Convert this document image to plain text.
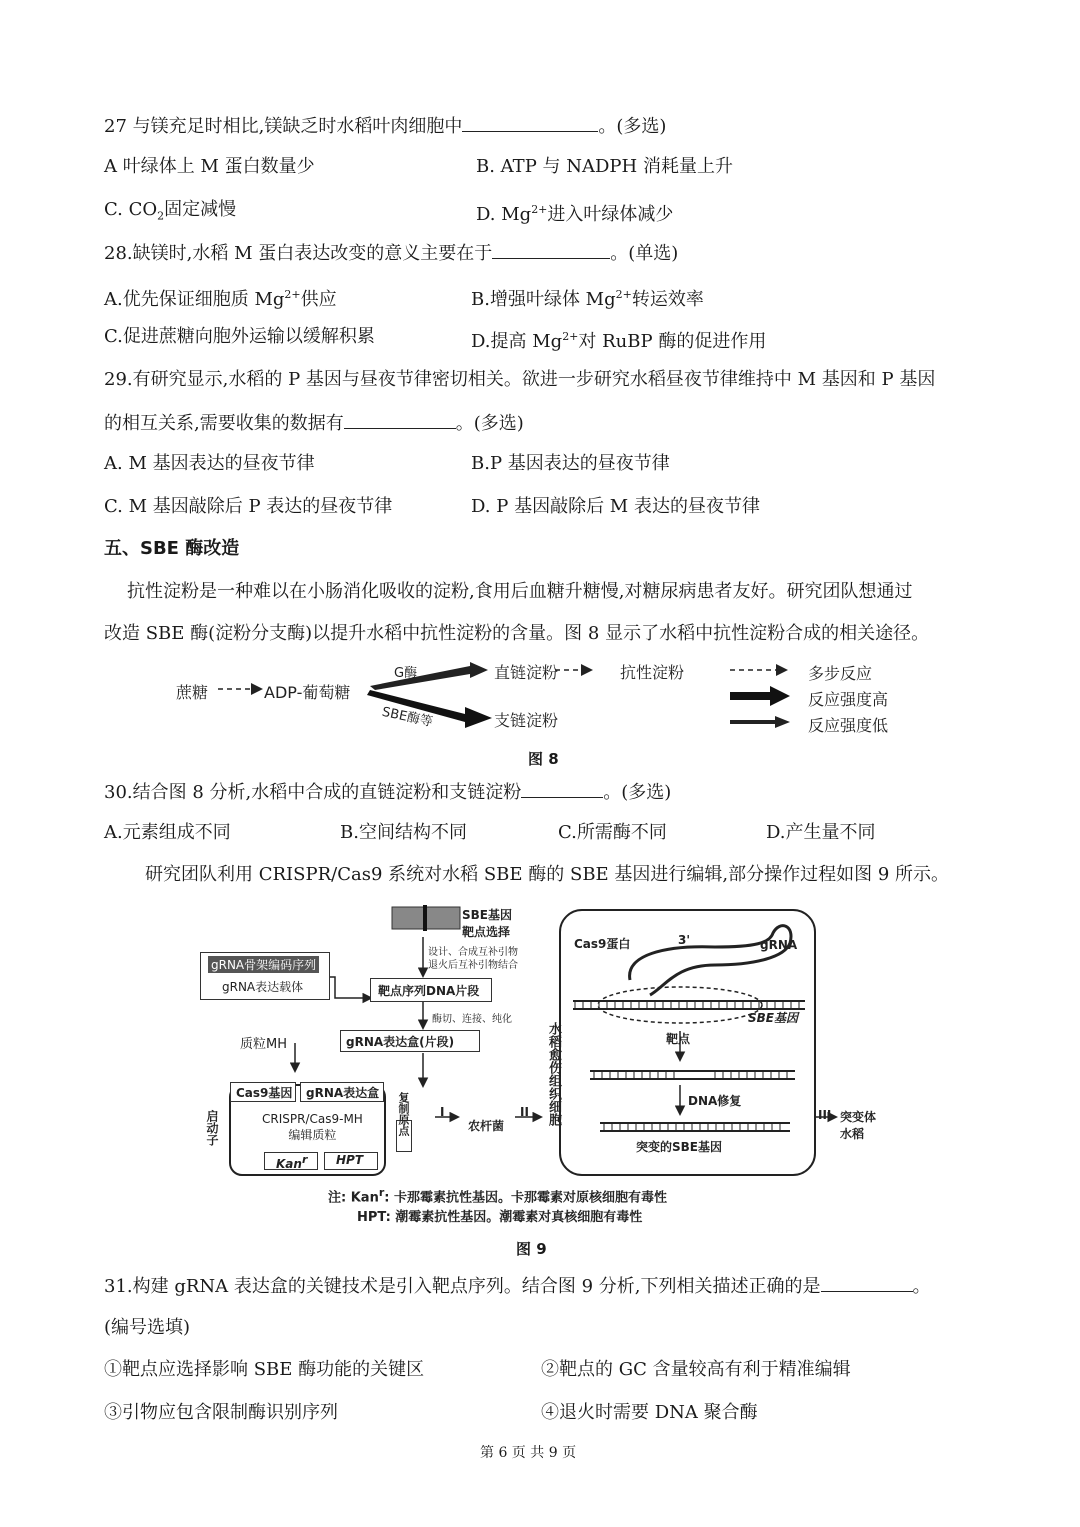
27 与镁充足时相比,镁缺乏时水稻叶肉细胞中	。(多选)
A 叶绿体上 M 蛋白数量少	B. ATP 与 NADPH 消耗量上升
C. $CO_2$固定减慢	D. $Mg^{2+}$进入叶绿体减少
28.缺镁时,水稻 M 蛋白表达改变的意义主要在于	。(单选)
A.优先保证细胞质 $Mg^{2+}$供应	B.增强叶绿体 $Mg^{2+}$转运效率
C.促进蔗糖向胞外运输以缓解积累	D.提高 $Mg^{2+}$对 RuBP 酶的促进作用
29.有研究显示,水稻的 P 基因与昼夜节律密切相关。欲进一步研究水稻昼夜节律维持中 M 基因和 P 基因
的相互关系,需要收集的数据有	。(多选)
A. M 基因表达的昼夜节律	B.P 基因表达的昼夜节律
C. M 基因敲除后 P 表达的昼夜节律	D. P 基因敲除后 M 表达的昼夜节律
五、SBE 酶改造
抗性淀粉是一种难以在小肠消化吸收的淀粉,食用后血糖升糖慢,对糖尿病患者友好。研究团队想通过
改造 SBE 酶(淀粉分支酶)以提升水稻中抗性淀粉的含量。图 8 显示了水稻中抗性淀粉合成的相关途径。
蔗糖	ADP-葡萄糖
G酶
SBE酶等
直链淀粉	抗性淀粉
支链淀粉
多步反应
反应强度高
反应强度低
图 8
30.结合图 8 分析,水稻中合成的直链淀粉和支链淀粉	。(多选)
A.元素组成不同	B.空间结构不同	C.所需酶不同	D.产生量不同
研究团队利用 CRISPR/Cas9 系统对水稻 SBE 酶的 SBE 基因进行编辑,部分操作过程如图 9 所示。
SBE基因
靶点选择
设计、合成互补引物
退火后互补引物结合
靶点序列DNA片段
gRNA骨架编码序列
gRNA表达载体
酶切、连接、纯化
质粒MH	gRNA表达盒(片段)
Cas9基因 gRNA表达盒
CRISPR/Cas9-MH
编辑质粒
启动子	复制原点
Kanr HPT
I
农杆菌
II 水稻愈伤组织细胞
Cas9蛋白	3'	gRNA
SBE基因
靶点
DNA修复
突变的SBE基因
III 突变体
水稻
注: Kan$^r$: 卡那霉素抗性基因。卡那霉素对原核细胞有毒性
HPT: 潮霉素抗性基因。潮霉素对真核细胞有毒性
图 9
31.构建 gRNA 表达盒的关键技术是引入靶点序列。结合图 9 分析,下列相关描述正确的是	。
(编号选填)
①靶点应选择影响 SBE 酶功能的关键区	②靶点的 GC 含量较高有利于精准编辑
③引物应包含限制酶识别序列	④退火时需要 DNA 聚合酶
第 6 页 共 9 页
